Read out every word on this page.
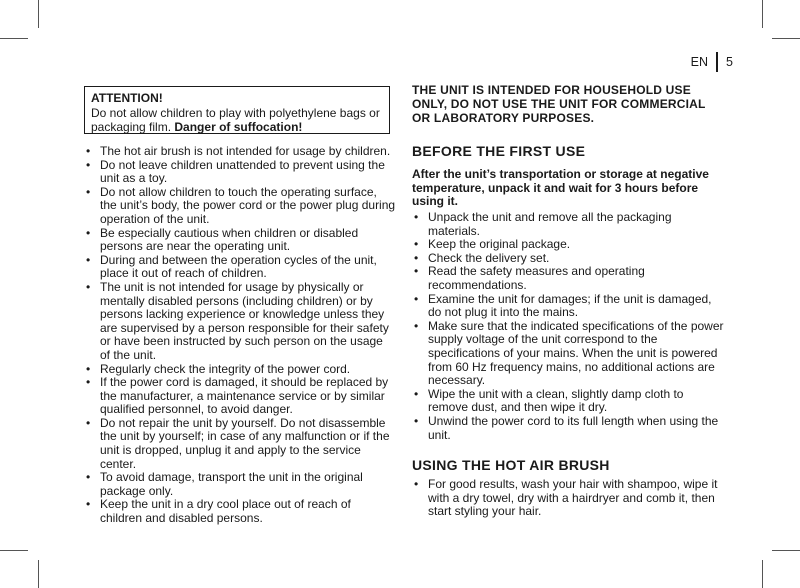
EN 5
ATTENTION!
Do not allow children to play with polyethylene bags or packaging film. Danger of suffocation!
• The hot air brush is not intended for usage by children.
• Do not leave children unattended to prevent using the unit as a toy.
• Do not allow children to touch the operating surface, the unit’s body, the power cord or the power plug during operation of the unit.
• Be especially cautious when children or disabled persons are near the operating unit.
• During and between the operation cycles of the unit, place it out of reach of children.
• The unit is not intended for usage by physically or mentally disabled persons (including children) or by persons lacking experience or knowledge unless they are supervised by a person responsible for their safety or have been instructed by such person on the usage of the unit.
• Regularly check the integrity of the power cord.
• If the power cord is damaged, it should be replaced by the manufacturer, a maintenance service or by similar qualified personnel, to avoid danger.
• Do not repair the unit by yourself. Do not disassemble the unit by yourself; in case of any malfunction or if the unit is dropped, unplug it and apply to the service center.
• To avoid damage, transport the unit in the original package only.
• Keep the unit in a dry cool place out of reach of children and disabled persons.
THE UNIT IS INTENDED FOR HOUSEHOLD USE ONLY, DO NOT USE THE UNIT FOR COMMERCIAL OR LABORATORY PURPOSES.
BEFORE THE FIRST USE
After the unit’s transportation or storage at negative temperature, unpack it and wait for 3 hours before using it.
• Unpack the unit and remove all the packaging materials.
• Keep the original package.
• Check the delivery set.
• Read the safety measures and operating recommendations.
• Examine the unit for damages; if the unit is damaged, do not plug it into the mains.
• Make sure that the indicated specifications of the power supply voltage of the unit correspond to the specifications of your mains. When the unit is powered from 60 Hz frequency mains, no additional actions are necessary.
• Wipe the unit with a clean, slightly damp cloth to remove dust, and then wipe it dry.
• Unwind the power cord to its full length when using the unit.
USING THE HOT AIR BRUSH
• For good results, wash your hair with shampoo, wipe it with a dry towel, dry with a hairdryer and comb it, then start styling your hair.
